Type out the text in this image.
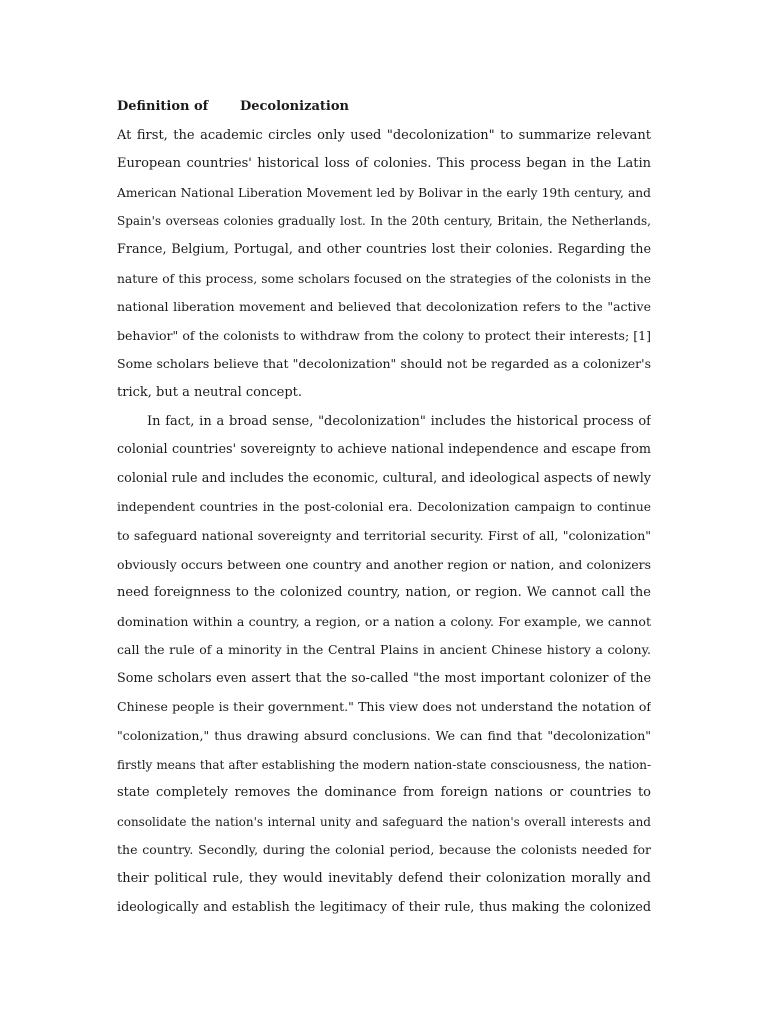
Definition of Decolonization
At first, the academic circles only used "decolonization" to summarize relevant
European countries' historical loss of colonies. This process began in the Latin
American National Liberation Movement led by Bolivar in the early 19th century, and
Spain's overseas colonies gradually lost. In the 20th century, Britain, the Netherlands,
France, Belgium, Portugal, and other countries lost their colonies. Regarding the
nature of this process, some scholars focused on the strategies of the colonists in the
national liberation movement and believed that decolonization refers to the "active
behavior" of the colonists to withdraw from the colony to protect their interests; [1]
Some scholars believe that "decolonization" should not be regarded as a colonizer's
trick, but a neutral concept.
In fact, in a broad sense, "decolonization" includes the historical process of
colonial countries' sovereignty to achieve national independence and escape from
colonial rule and includes the economic, cultural, and ideological aspects of newly
independent countries in the post-colonial era. Decolonization campaign to continue
to safeguard national sovereignty and territorial security. First of all, "colonization"
obviously occurs between one country and another region or nation, and colonizers
need foreignness to the colonized country, nation, or region. We cannot call the
domination within a country, a region, or a nation a colony. For example, we cannot
call the rule of a minority in the Central Plains in ancient Chinese history a colony.
Some scholars even assert that the so-called "the most important colonizer of the
Chinese people is their government." This view does not understand the notation of
"colonization," thus drawing absurd conclusions. We can find that "decolonization"
firstly means that after establishing the modern nation-state consciousness, the nation-
state completely removes the dominance from foreign nations or countries to
consolidate the nation's internal unity and safeguard the nation's overall interests and
the country. Secondly, during the colonial period, because the colonists needed for
their political rule, they would inevitably defend their colonization morally and
ideologically and establish the legitimacy of their rule, thus making the colonized
